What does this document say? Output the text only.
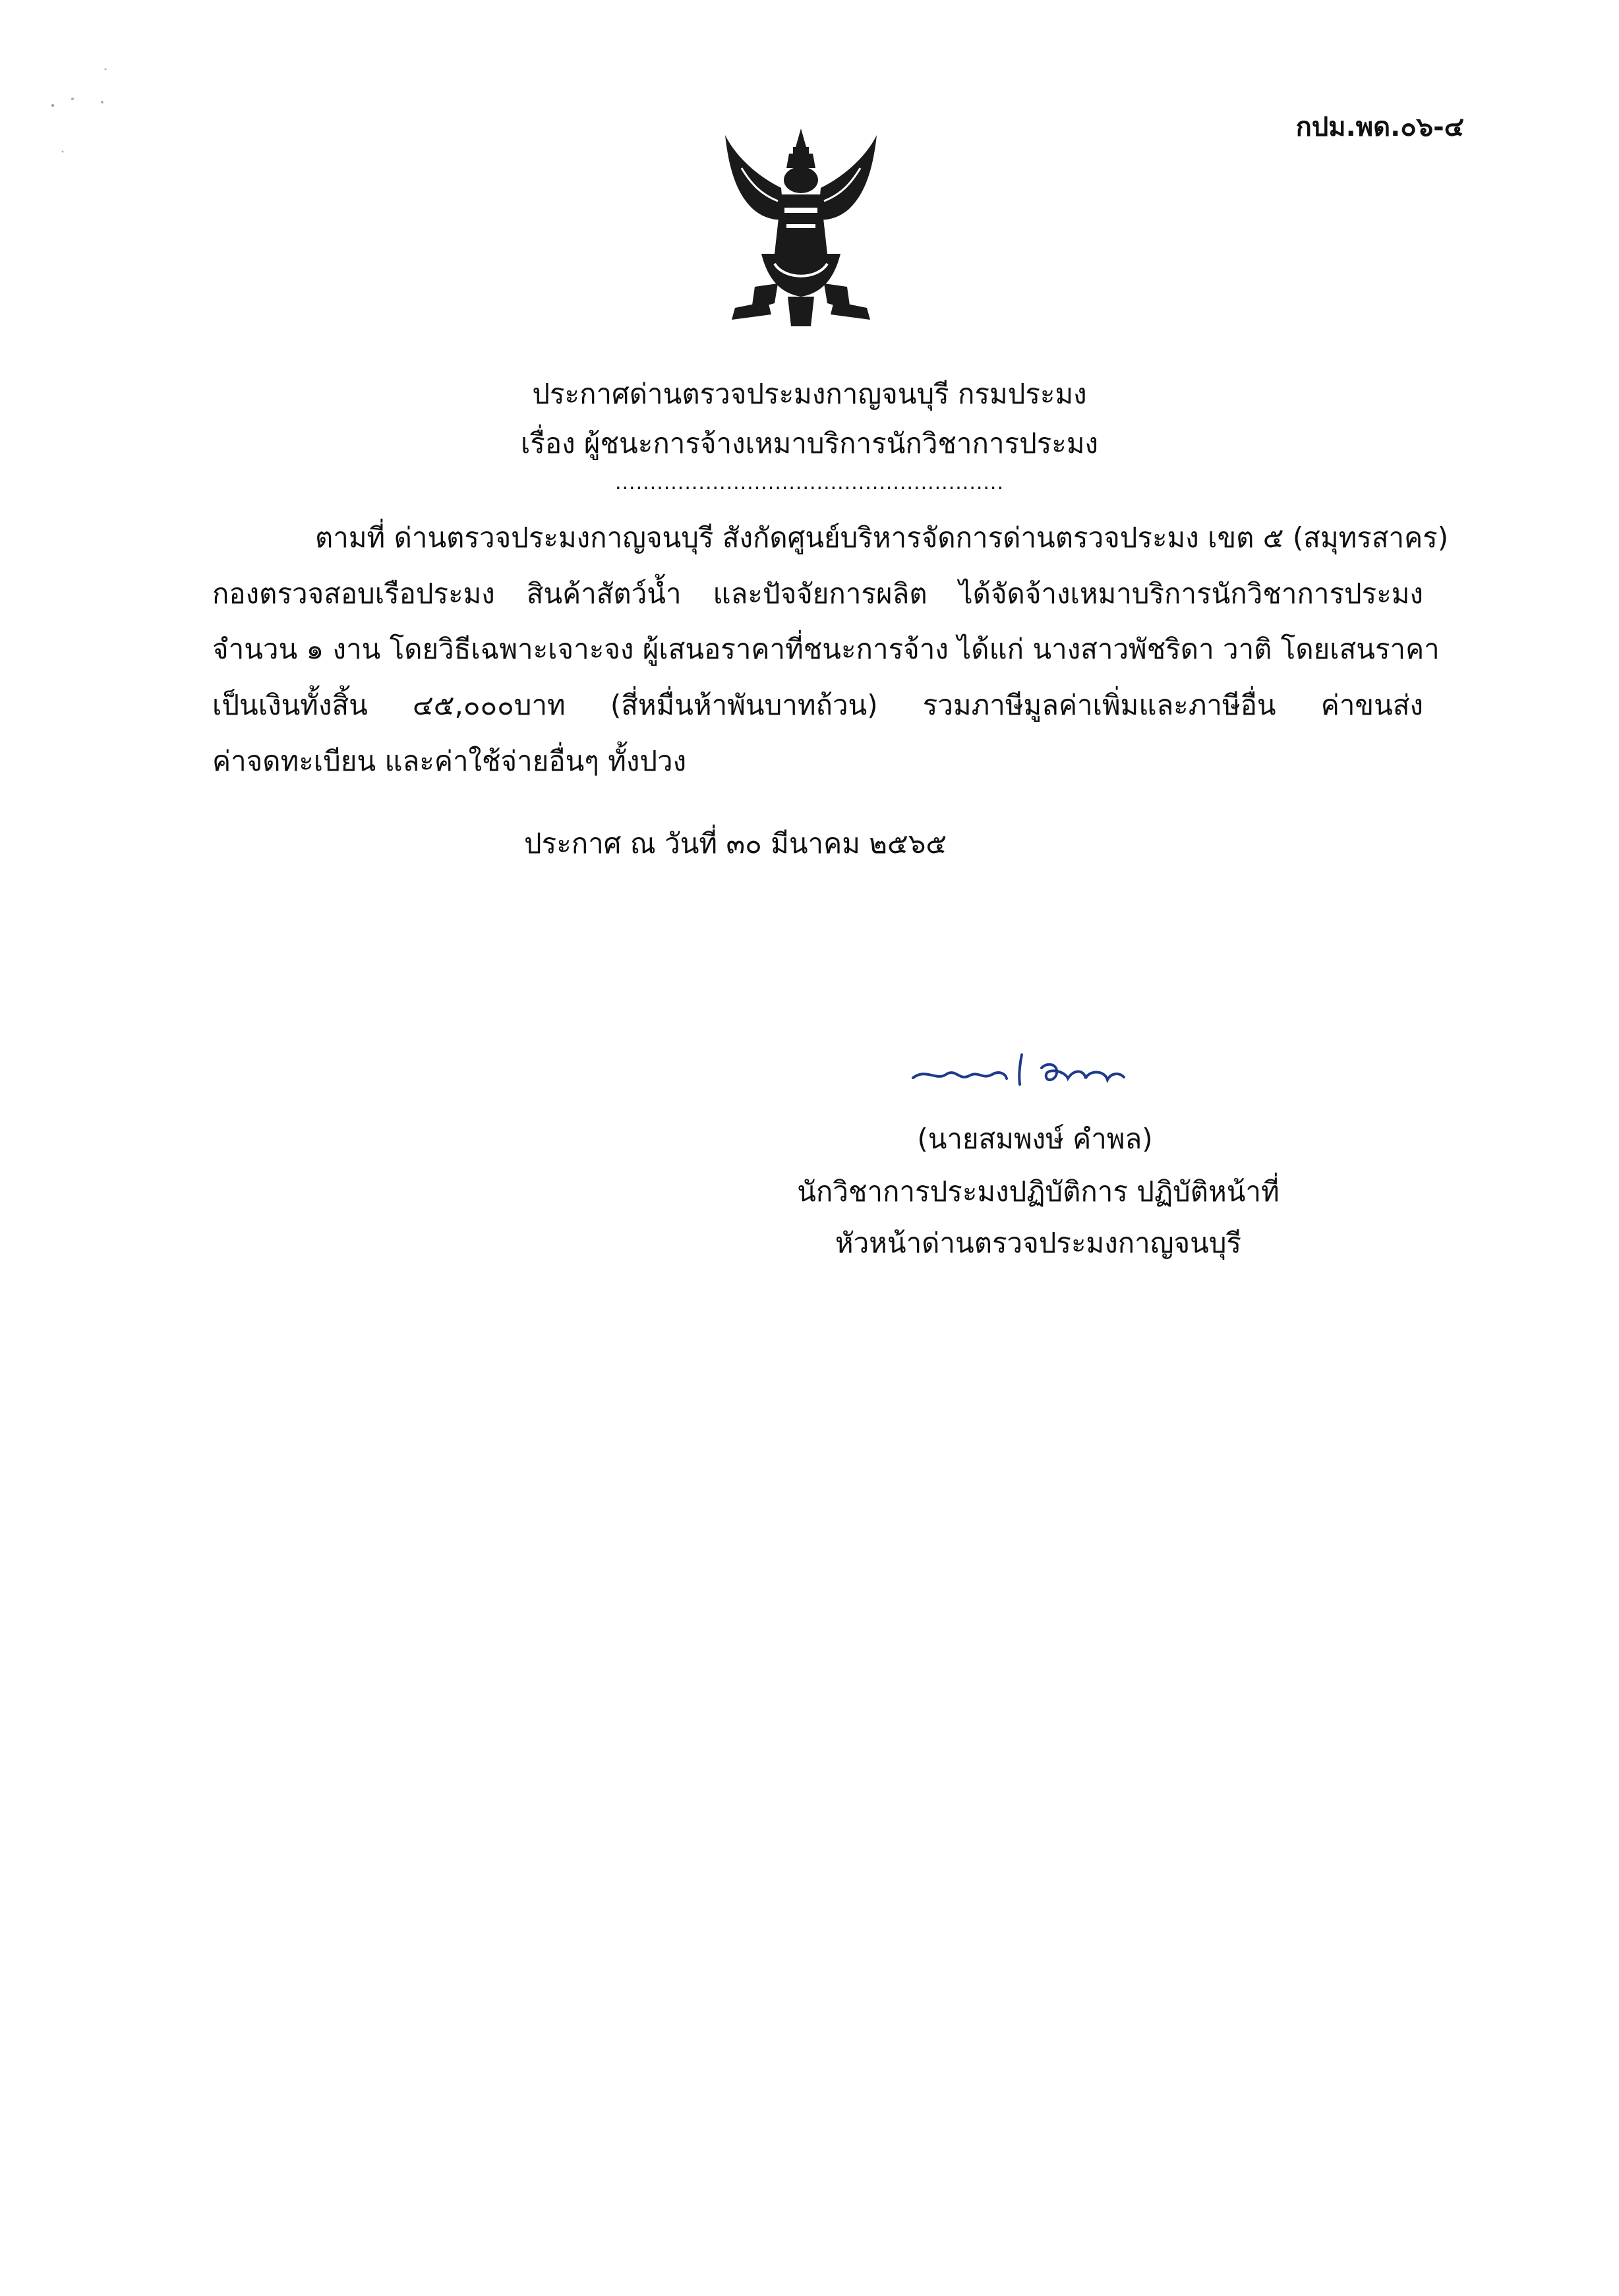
กปม.พด.๐๖-๔
ประกาศด่านตรวจประมงกาญจนบุรี กรมประมง
เรื่อง ผู้ชนะการจ้างเหมาบริการนักวิชาการประมง
........................................................
ตามที่ ด่านตรวจประมงกาญจนบุรี สังกัดศูนย์บริหารจัดการด่านตรวจประมง เขต ๕ (สมุทรสาคร)
กองตรวจสอบเรือประมง สินค้าสัตว์น้ำ และปัจจัยการผลิต ได้จัดจ้างเหมาบริการนักวิชาการประมง
จำนวน ๑ งาน โดยวิธีเฉพาะเจาะจง ผู้เสนอราคาที่ชนะการจ้าง ได้แก่ นางสาวพัชริดา วาติ โดยเสนราคา
เป็นเงินทั้งสิ้น ๔๕,๐๐๐บาท (สี่หมื่นห้าพันบาทถ้วน) รวมภาษีมูลค่าเพิ่มและภาษีอื่น ค่าขนส่ง
ค่าจดทะเบียน และค่าใช้จ่ายอื่นๆ ทั้งปวง
ประกาศ ณ วันที่ ๓๐ มีนาคม ๒๕๖๕
(นายสมพงษ์ คำพล)
นักวิชาการประมงปฏิบัติการ ปฏิบัติหน้าที่
หัวหน้าด่านตรวจประมงกาญจนบุรี
